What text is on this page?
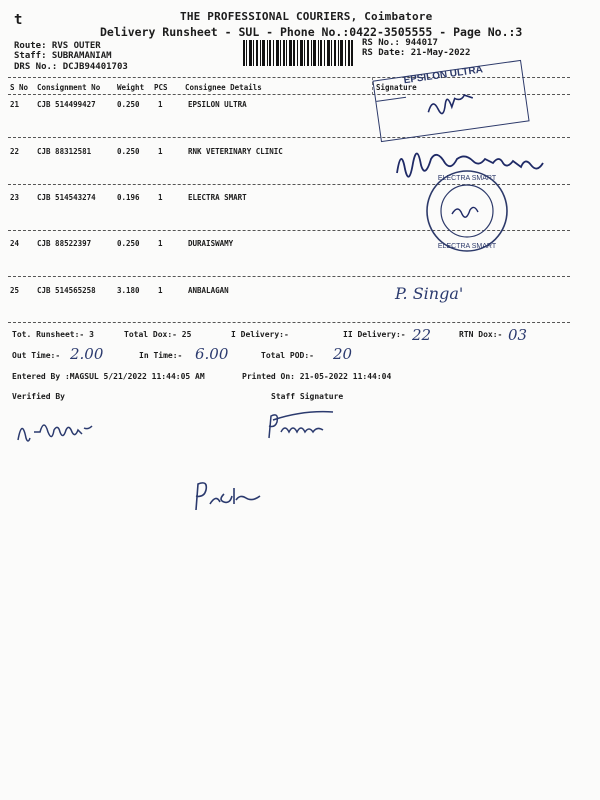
t	THE PROFESSIONAL COURIERS, Coimbatore
Delivery Runsheet - SUL - Phone No.:0422-3505555 - Page No.:3
Route: RVS OUTER
Staff: SUBRAMANIAM
DRS No.: DCJB94401703
RS No.: 944017
RS Date: 21-May-2022
S No Consignment No Weight PCS Consignee Details	Signature
21 CJB 514499427	0.250 1	EPSILON ULTRA
22 CJB 88312581	0.250 1	RNK VETERINARY CLINIC
23 CJB 514543274	0.196 1	ELECTRA SMART
24 CJB 88522397	0.250 1	DURAISWAMY
25 CJB 514565258	3.180 1	ANBALAGAN
EPSILON ULTRA
ELECTRA SMART
ELECTRA SMART
P. Singa'
Tot. Runsheet:- 3	Total Dox:- 25	I Delivery:-	II Delivery:- 22	RTN Dox:- 03
Out Time:- 2.00	In Time:- 6.00	Total POD:- 20
Entered By :MAGSUL 5/21/2022 11:44:05 AM	Printed On: 21-05-2022 11:44:04
Verified By	Staff Signature
